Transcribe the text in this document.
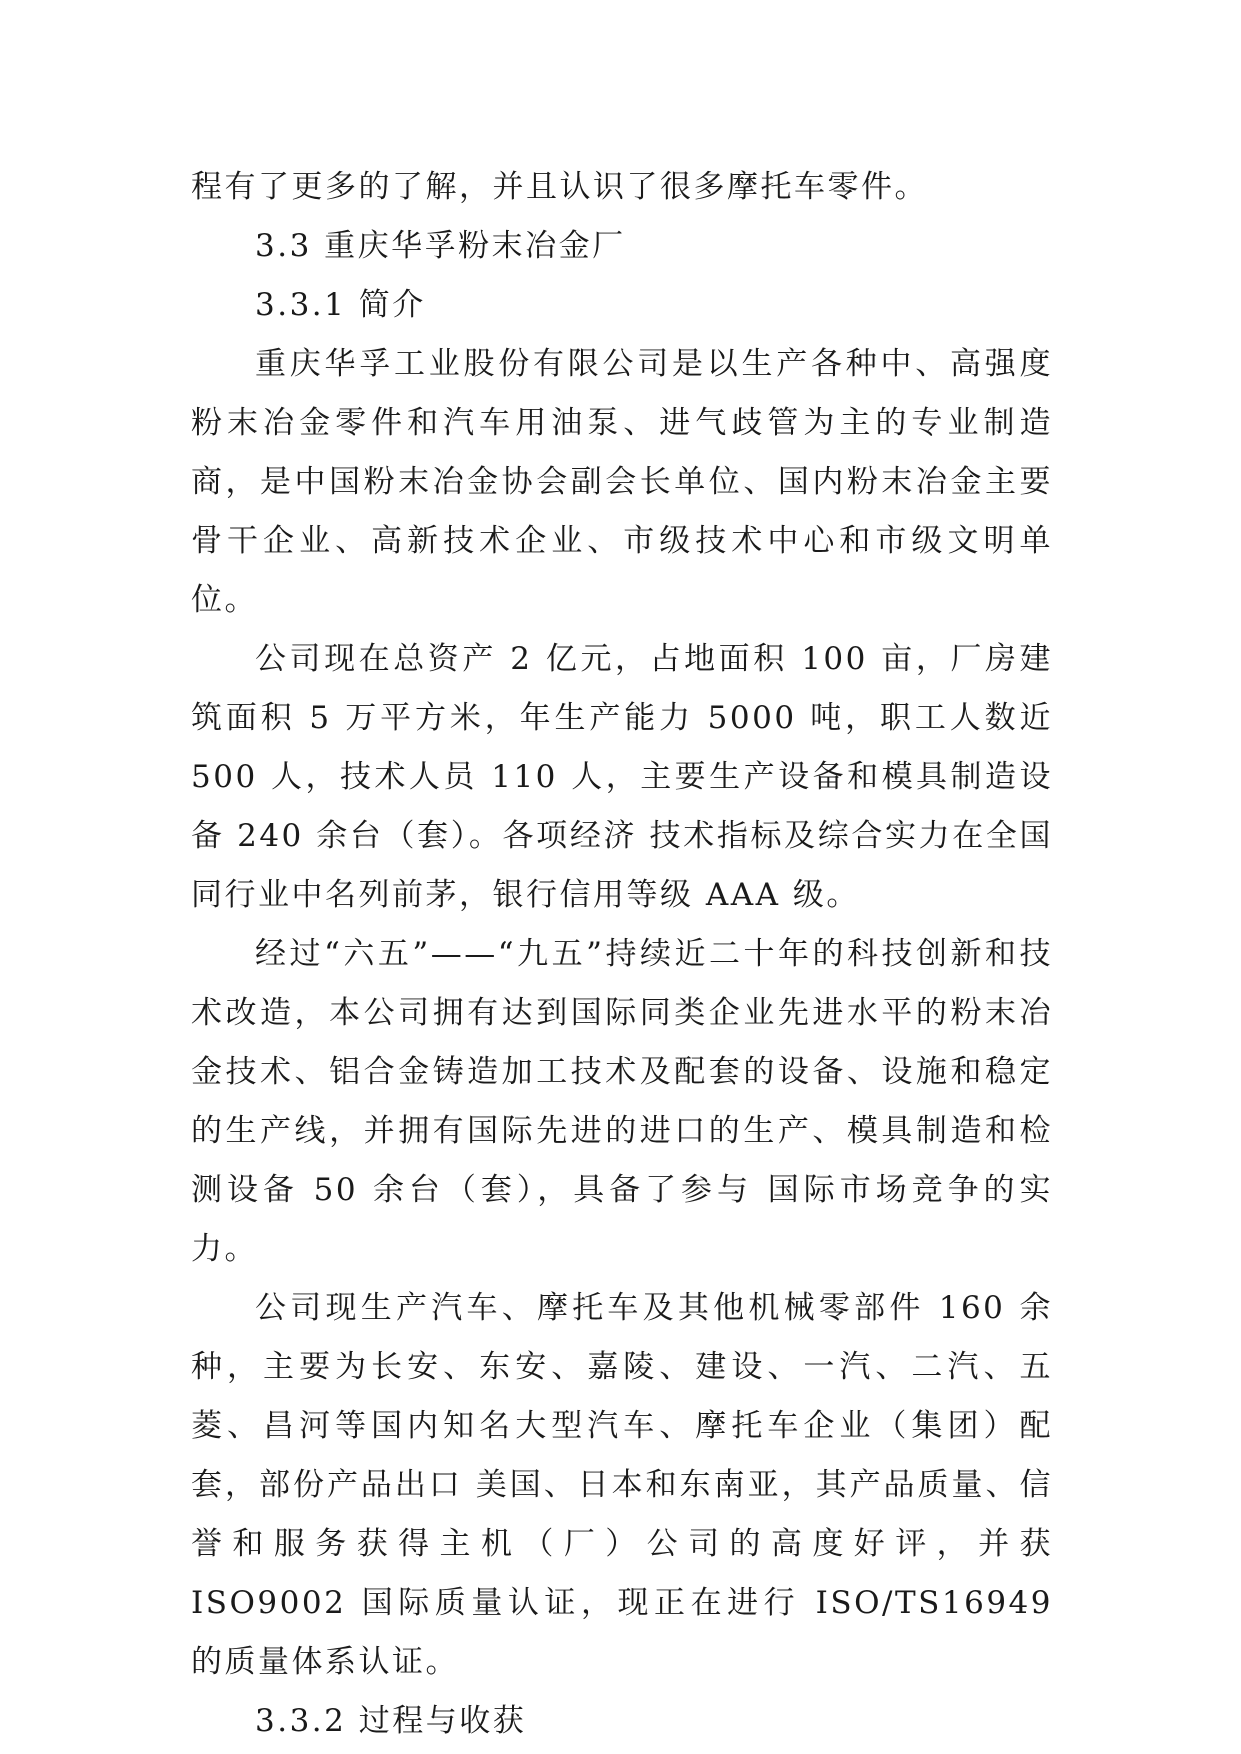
程有了更多的了解，并且认识了很多摩托车零件。

3.3 重庆华孚粉末冶金厂

3.3.1 简介

重庆华孚工业股份有限公司是以生产各种中、高强度粉末冶金零件和汽车用油泵、进气歧管为主的专业制造商，是中国粉末冶金协会副会长单位、国内粉末冶金主要骨干企业、高新技术企业、市级技术中心和市级文明单位。

公司现在总资产 2 亿元，占地面积 100 亩，厂房建筑面积 5 万平方米，年生产能力 5000 吨，职工人数近 500 人，技术人员 110 人，主要生产设备和模具制造设备 240 余台（套）。各项经济 技术指标及综合实力在全国同行业中名列前茅，银行信用等级 AAA 级。

经过“六五”——“九五”持续近二十年的科技创新和技术改造，本公司拥有达到国际同类企业先进水平的粉末冶金技术、铝合金铸造加工技术及配套的设备、设施和稳定的生产线，并拥有国际先进的进口的生产、模具制造和检测设备 50 余台（套），具备了参与 国际市场竞争的实力。

公司现生产汽车、摩托车及其他机械零部件 160 余种，主要为长安、东安、嘉陵、建设、一汽、二汽、五菱、昌河等国内知名大型汽车、摩托车企业（集团）配套，部份产品出口 美国、日本和东南亚，其产品质量、信誉和服务获得主机（厂）公司的高度好评，并获 ISO9002 国际质量认证，现正在进行 ISO/TS16949 的质量体系认证。

3.3.2 过程与收获
